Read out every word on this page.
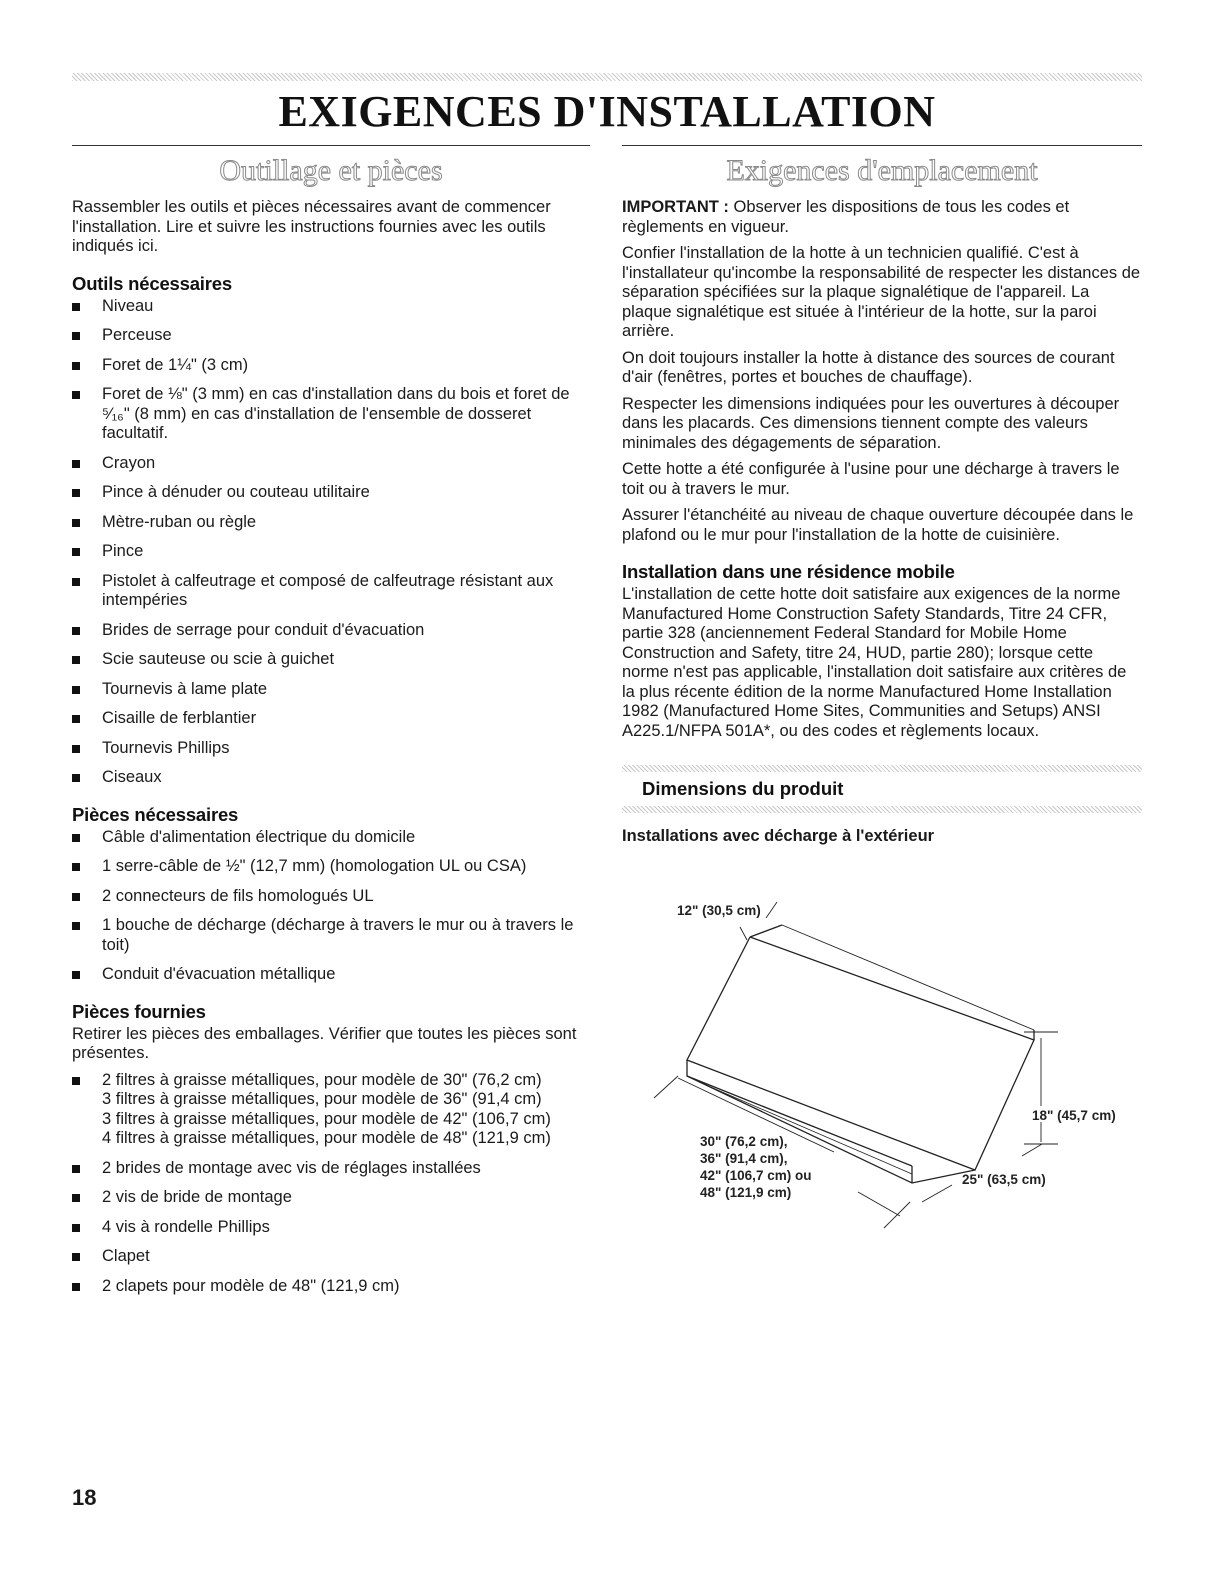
EXIGENCES D'INSTALLATION
Outillage et pièces

Rassembler les outils et pièces nécessaires avant de commencer l'installation. Lire et suivre les instructions fournies avec les outils indiqués ici.

Outils nécessaires
Niveau
Perceuse
Foret de 1¼" (3 cm)
Foret de ⅛" (3 mm) en cas d'installation dans du bois et foret de ⁵⁄₁₆" (8 mm) en cas d'installation de l'ensemble de dosseret facultatif.
Crayon
Pince à dénuder ou couteau utilitaire
Mètre-ruban ou règle
Pince
Pistolet à calfeutrage et composé de calfeutrage résistant aux intempéries
Brides de serrage pour conduit d'évacuation
Scie sauteuse ou scie à guichet
Tournevis à lame plate
Cisaille de ferblantier
Tournevis Phillips
Ciseaux
Pièces nécessaires
Câble d'alimentation électrique du domicile
1 serre-câble de ½" (12,7 mm) (homologation UL ou CSA)
2 connecteurs de fils homologués UL
1 bouche de décharge (décharge à travers le mur ou à travers le toit)
Conduit d'évacuation métallique
Pièces fournies

Retirer les pièces des emballages. Vérifier que toutes les pièces sont présentes.

2 filtres à graisse métalliques, pour modèle de 30" (76,2 cm)
3 filtres à graisse métalliques, pour modèle de 36" (91,4 cm)
3 filtres à graisse métalliques, pour modèle de 42" (106,7 cm)
4 filtres à graisse métalliques, pour modèle de 48" (121,9 cm)
2 brides de montage avec vis de réglages installées
2 vis de bride de montage
4 vis à rondelle Phillips
Clapet
2 clapets pour modèle de 48" (121,9 cm)
Exigences d'emplacement

IMPORTANT : Observer les dispositions de tous les codes et règlements en vigueur.

Confier l'installation de la hotte à un technicien qualifié. C'est à l'installateur qu'incombe la responsabilité de respecter les distances de séparation spécifiées sur la plaque signalétique de l'appareil. La plaque signalétique est située à l'intérieur de la hotte, sur la paroi arrière.

On doit toujours installer la hotte à distance des sources de courant d'air (fenêtres, portes et bouches de chauffage).

Respecter les dimensions indiquées pour les ouvertures à découper dans les placards. Ces dimensions tiennent compte des valeurs minimales des dégagements de séparation.

Cette hotte a été configurée à l'usine pour une décharge à travers le toit ou à travers le mur.

Assurer l'étanchéité au niveau de chaque ouverture découpée dans le plafond ou le mur pour l'installation de la hotte de cuisinière.

Installation dans une résidence mobile

L'installation de cette hotte doit satisfaire aux exigences de la norme Manufactured Home Construction Safety Standards, Titre 24 CFR, partie 328 (anciennement Federal Standard for Mobile Home Construction and Safety, titre 24, HUD, partie 280); lorsque cette norme n'est pas applicable, l'installation doit satisfaire aux critères de la plus récente édition de la norme Manufactured Home Installation 1982 (Manufactured Home Sites, Communities and Setups) ANSI A225.1/NFPA 501A*, ou des codes et règlements locaux.

Dimensions du produit
Installations avec décharge à l'extérieur
12" (30,5 cm)
18" (45,7 cm)
30" (76,2 cm),
36" (91,4 cm),
42" (106,7 cm) ou
48" (121,9 cm)
25" (63,5 cm)
18
